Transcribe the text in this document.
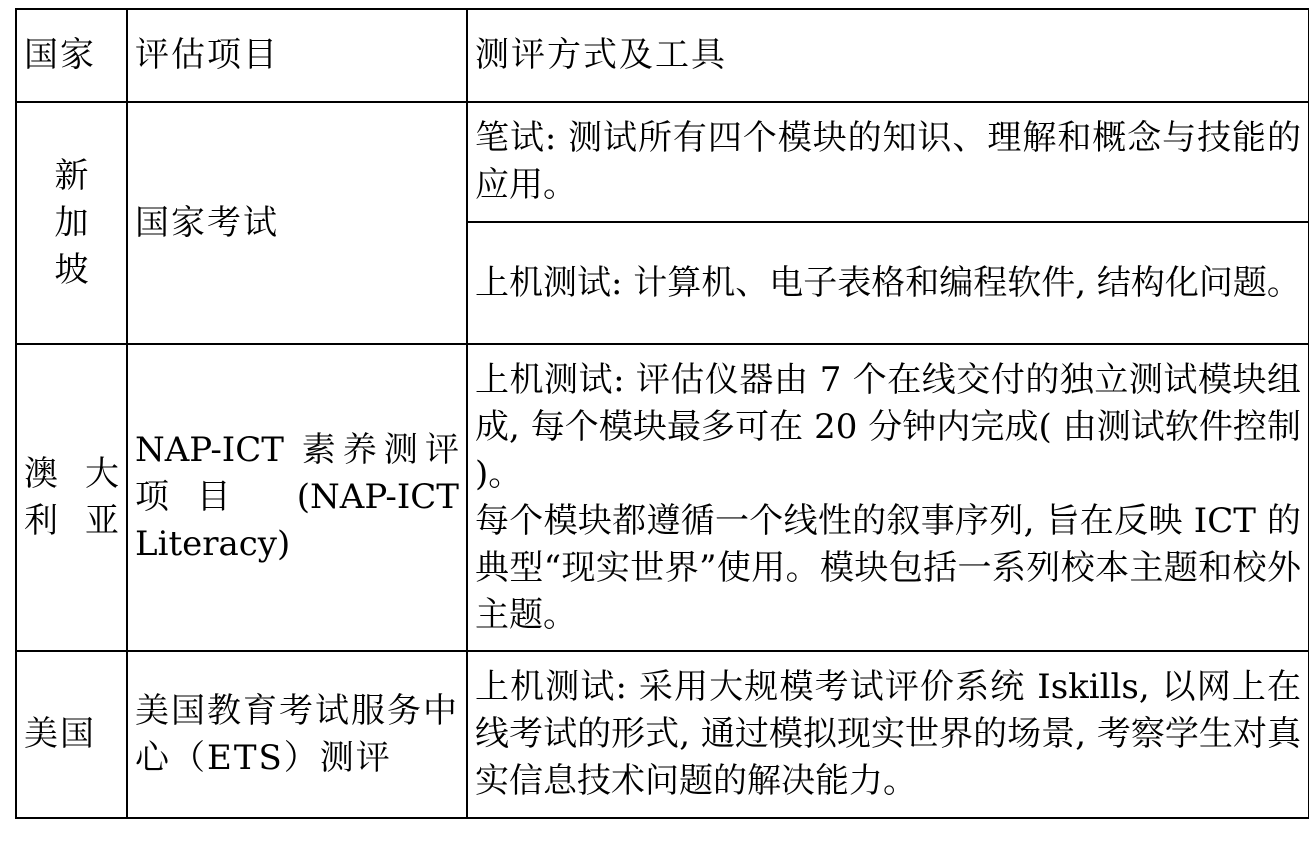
国家	评估项目	测评方式及工具

新
加
坡	国家考试	笔试: 测试所有四个模块的知识、理解和概念与技能的应用。
		上机测试: 计算机、电子表格和编程软件, 结构化问题。
澳大利亚	NAP-ICT 素养测评项目 (NAP-ICT Literacy)	上机测试: 评估仪器由 7 个在线交付的独立测试模块组成, 每个模块最多可在 20 分钟内完成( 由测试软件控制 )。
每个模块都遵循一个线性的叙事序列, 旨在反映 ICT 的典型“现实世界”使用。模块包括一系列校本主题和校外主题。

美国	美国教育考试服务中心（ETS）测评	上机测试: 采用大规模考试评价系统 Iskills, 以网上在线考试的形式, 通过模拟现实世界的场景, 考察学生对真实信息技术问题的解决能力。
